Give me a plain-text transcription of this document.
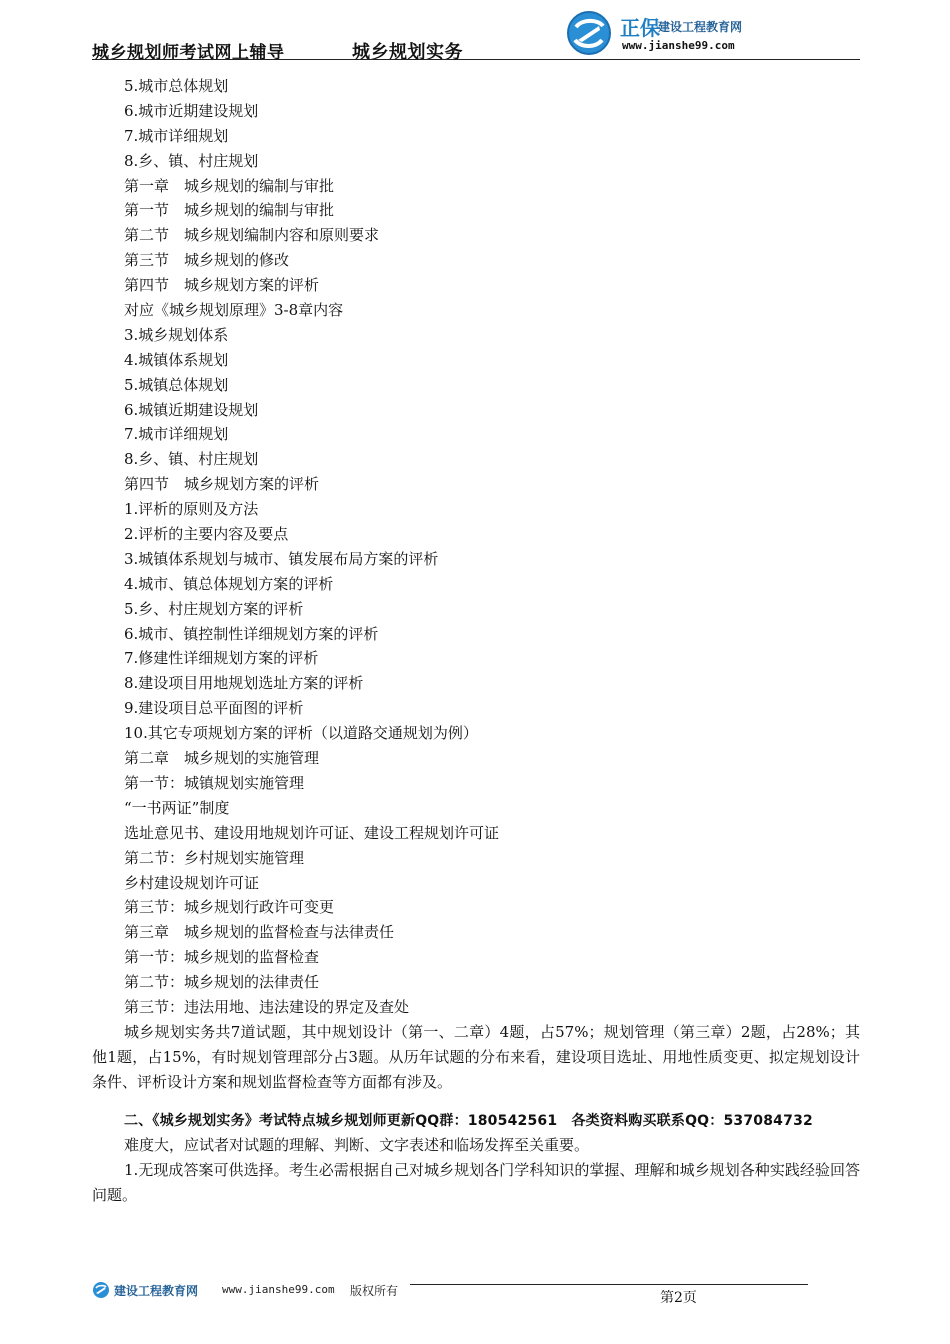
城乡规划师考试网上辅导	城乡规划实务
正保
建设工程教育网
www.jianshe99.com
5.城市总体规划
6.城市近期建设规划
7.城市详细规划
8.乡、镇、村庄规划
第一章　城乡规划的编制与审批
第一节　城乡规划的编制与审批
第二节　城乡规划编制内容和原则要求
第三节　城乡规划的修改
第四节　城乡规划方案的评析
对应《城乡规划原理》3-8章内容
3.城乡规划体系
4.城镇体系规划
5.城镇总体规划
6.城镇近期建设规划
7.城市详细规划
8.乡、镇、村庄规划
第四节　城乡规划方案的评析
1.评析的原则及方法
2.评析的主要内容及要点
3.城镇体系规划与城市、镇发展布局方案的评析
4.城市、镇总体规划方案的评析
5.乡、村庄规划方案的评析
6.城市、镇控制性详细规划方案的评析
7.修建性详细规划方案的评析
8.建设项目用地规划选址方案的评析
9.建设项目总平面图的评析
10.其它专项规划方案的评析（以道路交通规划为例）
第二章　城乡规划的实施管理
第一节：城镇规划实施管理
“一书两证”制度
选址意见书、建设用地规划许可证、建设工程规划许可证
第二节：乡村规划实施管理
乡村建设规划许可证
第三节：城乡规划行政许可变更
第三章　城乡规划的监督检查与法律责任
第一节：城乡规划的监督检查
第二节：城乡规划的法律责任
第三节：违法用地、违法建设的界定及查处
城乡规划实务共7道试题，其中规划设计（第一、二章）4题，占57%；规划管理（第三章）2题，占28%；其他1题，占15%，有时规划管理部分占3题。从历年试题的分布来看，建设项目选址、用地性质变更、拟定规划设计条件、评析设计方案和规划监督检查等方面都有涉及。
二、《城乡规划实务》考试特点城乡规划师更新QQ群：180542561　各类资料购买联系QQ：537084732
难度大，应试者对试题的理解、判断、文字表述和临场发挥至关重要。
1.无现成答案可供选择。考生必需根据自己对城乡规划各门学科知识的掌握、理解和城乡规划各种实践经验回答问题。
建设工程教育网 www.jianshe99.com 版权所有	第2页
